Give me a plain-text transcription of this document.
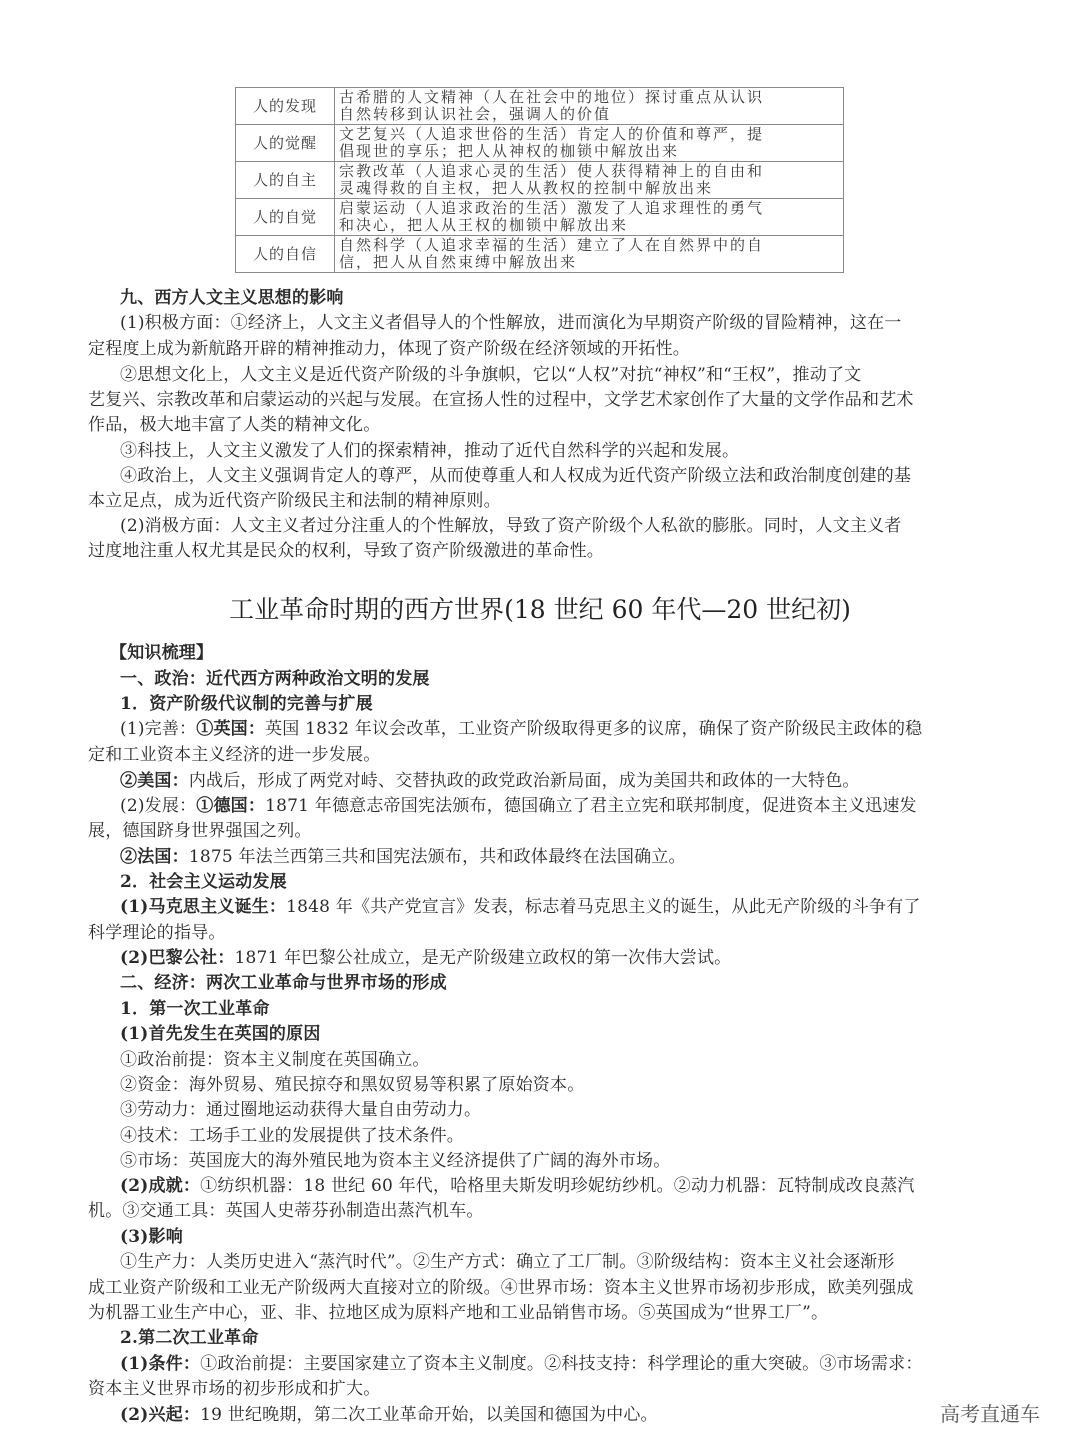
人的发现	古希腊的人文精神（人在社会中的地位）探讨重点从认识
自然转移到认识社会，强调人的价值
人的觉醒	文艺复兴（人追求世俗的生活）肯定人的价值和尊严，提
倡现世的享乐；把人从神权的枷锁中解放出来
人的自主	宗教改革（人追求心灵的生活）使人获得精神上的自由和
灵魂得救的自主权，把人从教权的控制中解放出来
人的自觉	启蒙运动（人追求政治的生活）激发了人追求理性的勇气
和决心，把人从王权的枷锁中解放出来
人的自信	自然科学（人追求幸福的生活）建立了人在自然界中的自
信，把人从自然束缚中解放出来
九、西方人文主义思想的影响
(1)积极方面：①经济上，人文主义者倡导人的个性解放，进而演化为早期资产阶级的冒险精神，这在一
定程度上成为新航路开辟的精神推动力，体现了资产阶级在经济领域的开拓性。
②思想文化上，人文主义是近代资产阶级的斗争旗帜，它以“人权”对抗“神权”和“王权”，推动了文
艺复兴、宗教改革和启蒙运动的兴起与发展。在宣扬人性的过程中，文学艺术家创作了大量的文学作品和艺术
作品，极大地丰富了人类的精神文化。
③科技上，人文主义激发了人们的探索精神，推动了近代自然科学的兴起和发展。
④政治上，人文主义强调肯定人的尊严，从而使尊重人和人权成为近代资产阶级立法和政治制度创建的基
本立足点，成为近代资产阶级民主和法制的精神原则。
(2)消极方面：人文主义者过分注重人的个性解放，导致了资产阶级个人私欲的膨胀。同时，人文主义者
过度地注重人权尤其是民众的权利，导致了资产阶级激进的革命性。
工业革命时期的西方世界(18 世纪 60 年代—20 世纪初)
【知识梳理】
一、政治：近代西方两种政治文明的发展
1．资产阶级代议制的完善与扩展
(1)完善：①英国：英国 1832 年议会改革，工业资产阶级取得更多的议席，确保了资产阶级民主政体的稳
定和工业资本主义经济的进一步发展。
②美国：内战后，形成了两党对峙、交替执政的政党政治新局面，成为美国共和政体的一大特色。
(2)发展：①德国：1871 年德意志帝国宪法颁布，德国确立了君主立宪和联邦制度，促进资本主义迅速发
展，德国跻身世界强国之列。
②法国：1875 年法兰西第三共和国宪法颁布，共和政体最终在法国确立。
2．社会主义运动发展
(1)马克思主义诞生：1848 年《共产党宣言》发表，标志着马克思主义的诞生，从此无产阶级的斗争有了
科学理论的指导。
(2)巴黎公社：1871 年巴黎公社成立，是无产阶级建立政权的第一次伟大尝试。
二、经济：两次工业革命与世界市场的形成
1．第一次工业革命
(1)首先发生在英国的原因
①政治前提：资本主义制度在英国确立。
②资金：海外贸易、殖民掠夺和黑奴贸易等积累了原始资本。
③劳动力：通过圈地运动获得大量自由劳动力。
④技术：工场手工业的发展提供了技术条件。
⑤市场：英国庞大的海外殖民地为资本主义经济提供了广阔的海外市场。
(2)成就：①纺织机器：18 世纪 60 年代，哈格里夫斯发明珍妮纺纱机。②动力机器：瓦特制成改良蒸汽
机。③交通工具：英国人史蒂芬孙制造出蒸汽机车。
(3)影响
①生产力：人类历史进入“蒸汽时代”。②生产方式：确立了工厂制。③阶级结构：资本主义社会逐渐形
成工业资产阶级和工业无产阶级两大直接对立的阶级。④世界市场：资本主义世界市场初步形成，欧美列强成
为机器工业生产中心，亚、非、拉地区成为原料产地和工业品销售市场。⑤英国成为“世界工厂”。
2.第二次工业革命
(1)条件：①政治前提：主要国家建立了资本主义制度。②科技支持：科学理论的重大突破。③市场需求：
资本主义世界市场的初步形成和扩大。
(2)兴起：19 世纪晚期，第二次工业革命开始，以美国和德国为中心。	高考直通车
